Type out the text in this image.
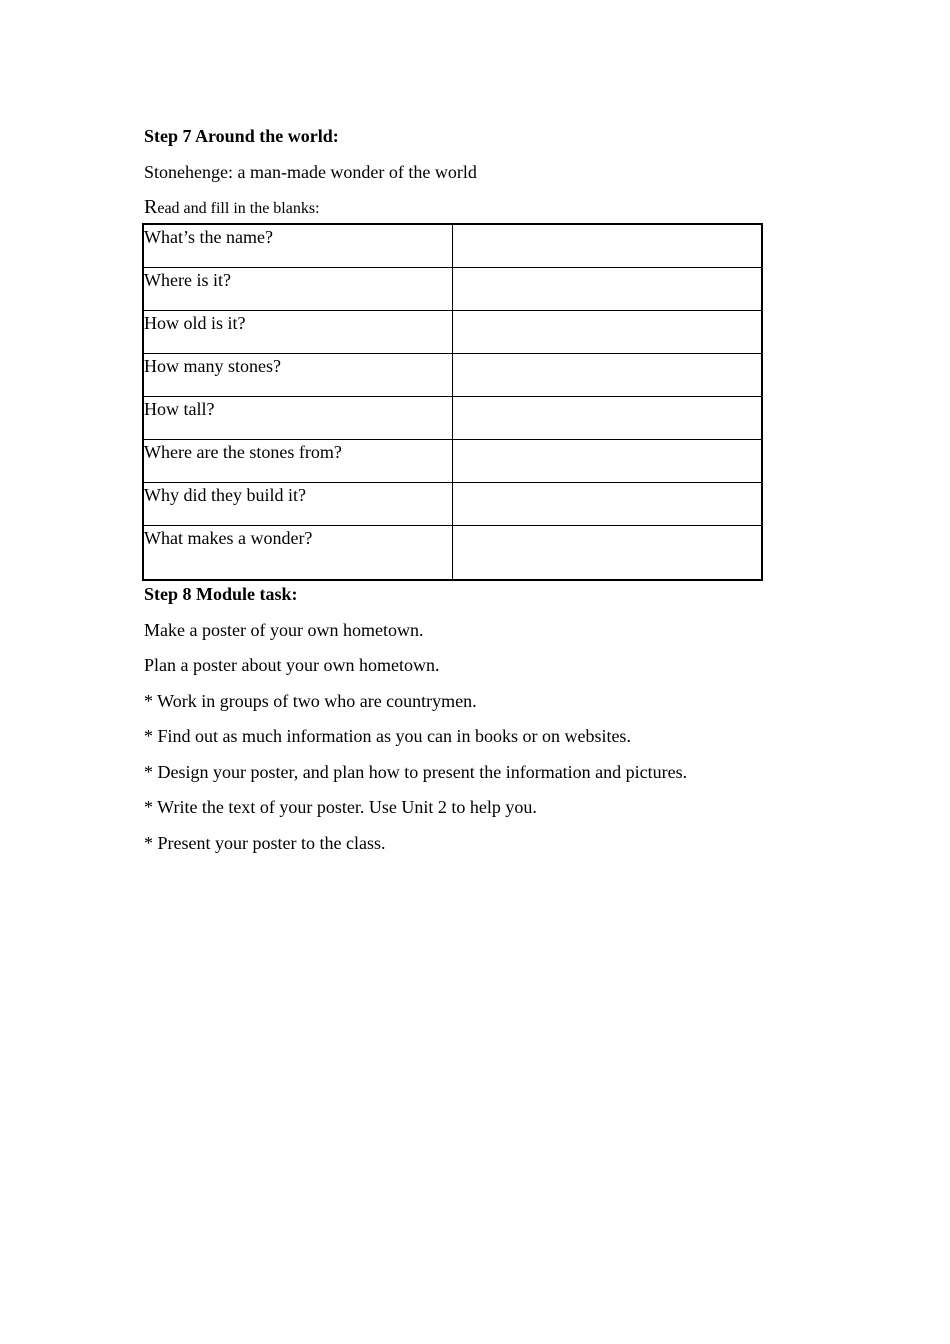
Step 7 Around the world:
Stonehenge: a man-made wonder of the world
Read and fill in the blanks:
What’s the name?	
Where is it?	
How old is it?	
How many stones?	
How tall?	
Where are the stones from?	
Why did they build it?	
What makes a wonder?	
Step 8 Module task:
Make a poster of your own hometown.
Plan a poster about your own hometown.
* Work in groups of two who are countrymen.
* Find out as much information as you can in books or on websites.
* Design your poster, and plan how to present the information and pictures.
* Write the text of your poster. Use Unit 2 to help you.
* Present your poster to the class.
